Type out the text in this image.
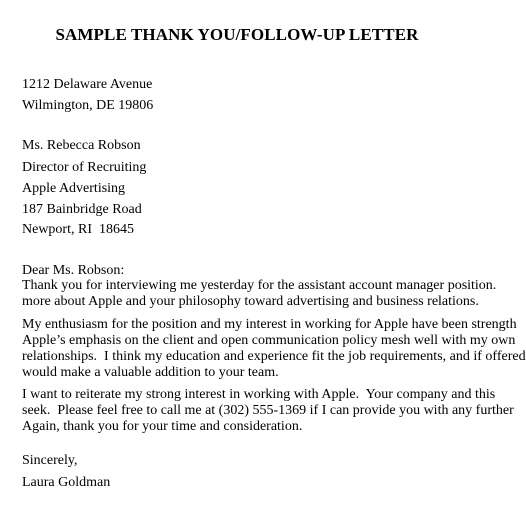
SAMPLE THANK YOU/FOLLOW-UP LETTER
1212 Delaware Avenue
Wilmington, DE 19806
Ms. Rebecca Robson
Director of Recruiting
Apple Advertising
187 Bainbridge Road
Newport, RI  18645
Dear Ms. Robson:
Thank you for interviewing me yesterday for the assistant account manager position.
more about Apple and your philosophy toward advertising and business relations.
My enthusiasm for the position and my interest in working for Apple have been strength
Apple’s emphasis on the client and open communication policy mesh well with my own
relationships.  I think my education and experience fit the job requirements, and if offered
would make a valuable addition to your team.
I want to reiterate my strong interest in working with Apple.  Your company and this
seek.  Please feel free to call me at (302) 555-1369 if I can provide you with any further
Again, thank you for your time and consideration.
Sincerely,
Laura Goldman
